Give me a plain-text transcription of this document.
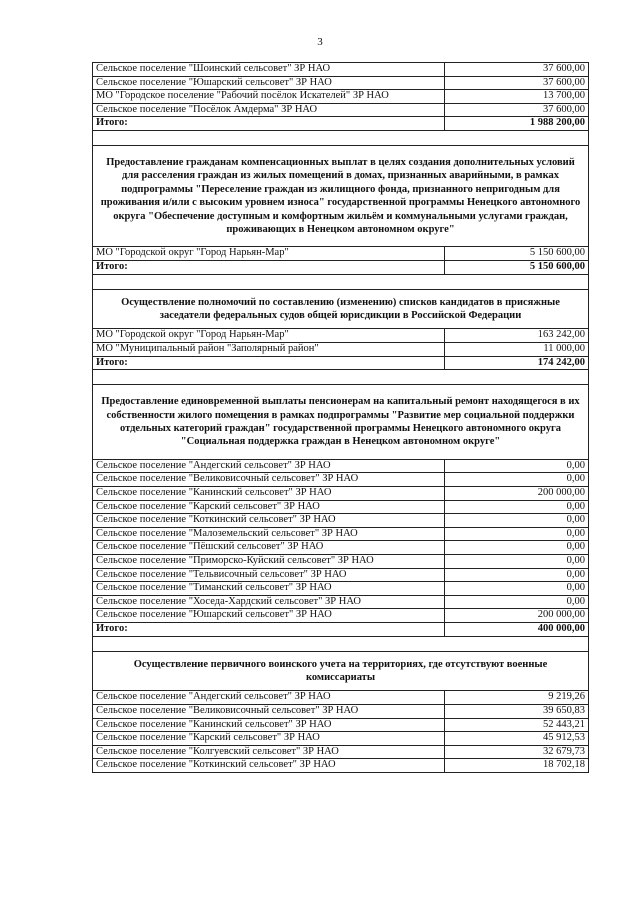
3
Сельское поселение "Шоинский сельсовет" ЗР НАО	37 600,00
Сельское поселение "Юшарский сельсовет" ЗР НАО	37 600,00
МО "Городское поселение "Рабочий посёлок Искателей" ЗР НАО	13 700,00
Сельское поселение "Посёлок Амдерма" ЗР НАО	37 600,00
Итого:	1 988 200,00

Предоставление гражданам компенсационных выплат в целях создания дополнительных условий для расселения граждан из жилых помещений в домах, признанных аварийными, в рамках подпрограммы "Переселение граждан из жилищного фонда, признанного непригодным для проживания и/или с высоким уровнем износа" государственной программы Ненецкого автономного округа "Обеспечение доступным и комфортным жильём и коммунальными услугами граждан, проживающих в Ненецком автономном округе"	
МО "Городской округ "Город Нарьян-Мар"	5 150 600,00
Итого:	5 150 600,00

Осуществление полномочий по составлению (изменению) списков кандидатов в присяжные заседатели федеральных судов общей юрисдикции в Российской Федерации	
МО "Городской округ "Город Нарьян-Мар"	163 242,00
МО "Муниципальный район "Заполярный район"	11 000,00
Итого:	174 242,00

Предоставление единовременной выплаты пенсионерам на капитальный ремонт находящегося в их собственности жилого помещения в рамках подпрограммы "Развитие мер социальной поддержки отдельных категорий граждан" государственной программы Ненецкого автономного округа "Социальная поддержка граждан в Ненецком автономном округе"	
Сельское поселение "Андегский сельсовет" ЗР НАО	0,00
Сельское поселение "Великовисочный сельсовет" ЗР НАО	0,00
Сельское поселение "Канинский сельсовет" ЗР НАО	200 000,00
Сельское поселение "Карский сельсовет" ЗР НАО	0,00
Сельское поселение "Коткинский сельсовет" ЗР НАО	0,00
Сельское поселение "Малоземельский сельсовет" ЗР НАО	0,00
Сельское поселение "Пёшский сельсовет" ЗР НАО	0,00
Сельское поселение "Приморско-Куйский сельсовет" ЗР НАО	0,00
Сельское поселение "Тельвисочный сельсовет" ЗР НАО	0,00
Сельское поселение "Тиманский сельсовет" ЗР НАО	0,00
Сельское поселение "Хоседа-Хардский сельсовет" ЗР НАО	0,00
Сельское поселение "Юшарский сельсовет" ЗР НАО	200 000,00
Итого:	400 000,00

Осуществление первичного воинского учета на территориях, где отсутствуют военные комиссариаты	
Сельское поселение "Андегский сельсовет" ЗР НАО	9 219,26
Сельское поселение "Великовисочный сельсовет" ЗР НАО	39 650,83
Сельское поселение "Канинский сельсовет" ЗР НАО	52 443,21
Сельское поселение "Карский сельсовет" ЗР НАО	45 912,53
Сельское поселение "Колгуевский сельсовет" ЗР НАО	32 679,73
Сельское поселение "Коткинский сельсовет" ЗР НАО	18 702,18
